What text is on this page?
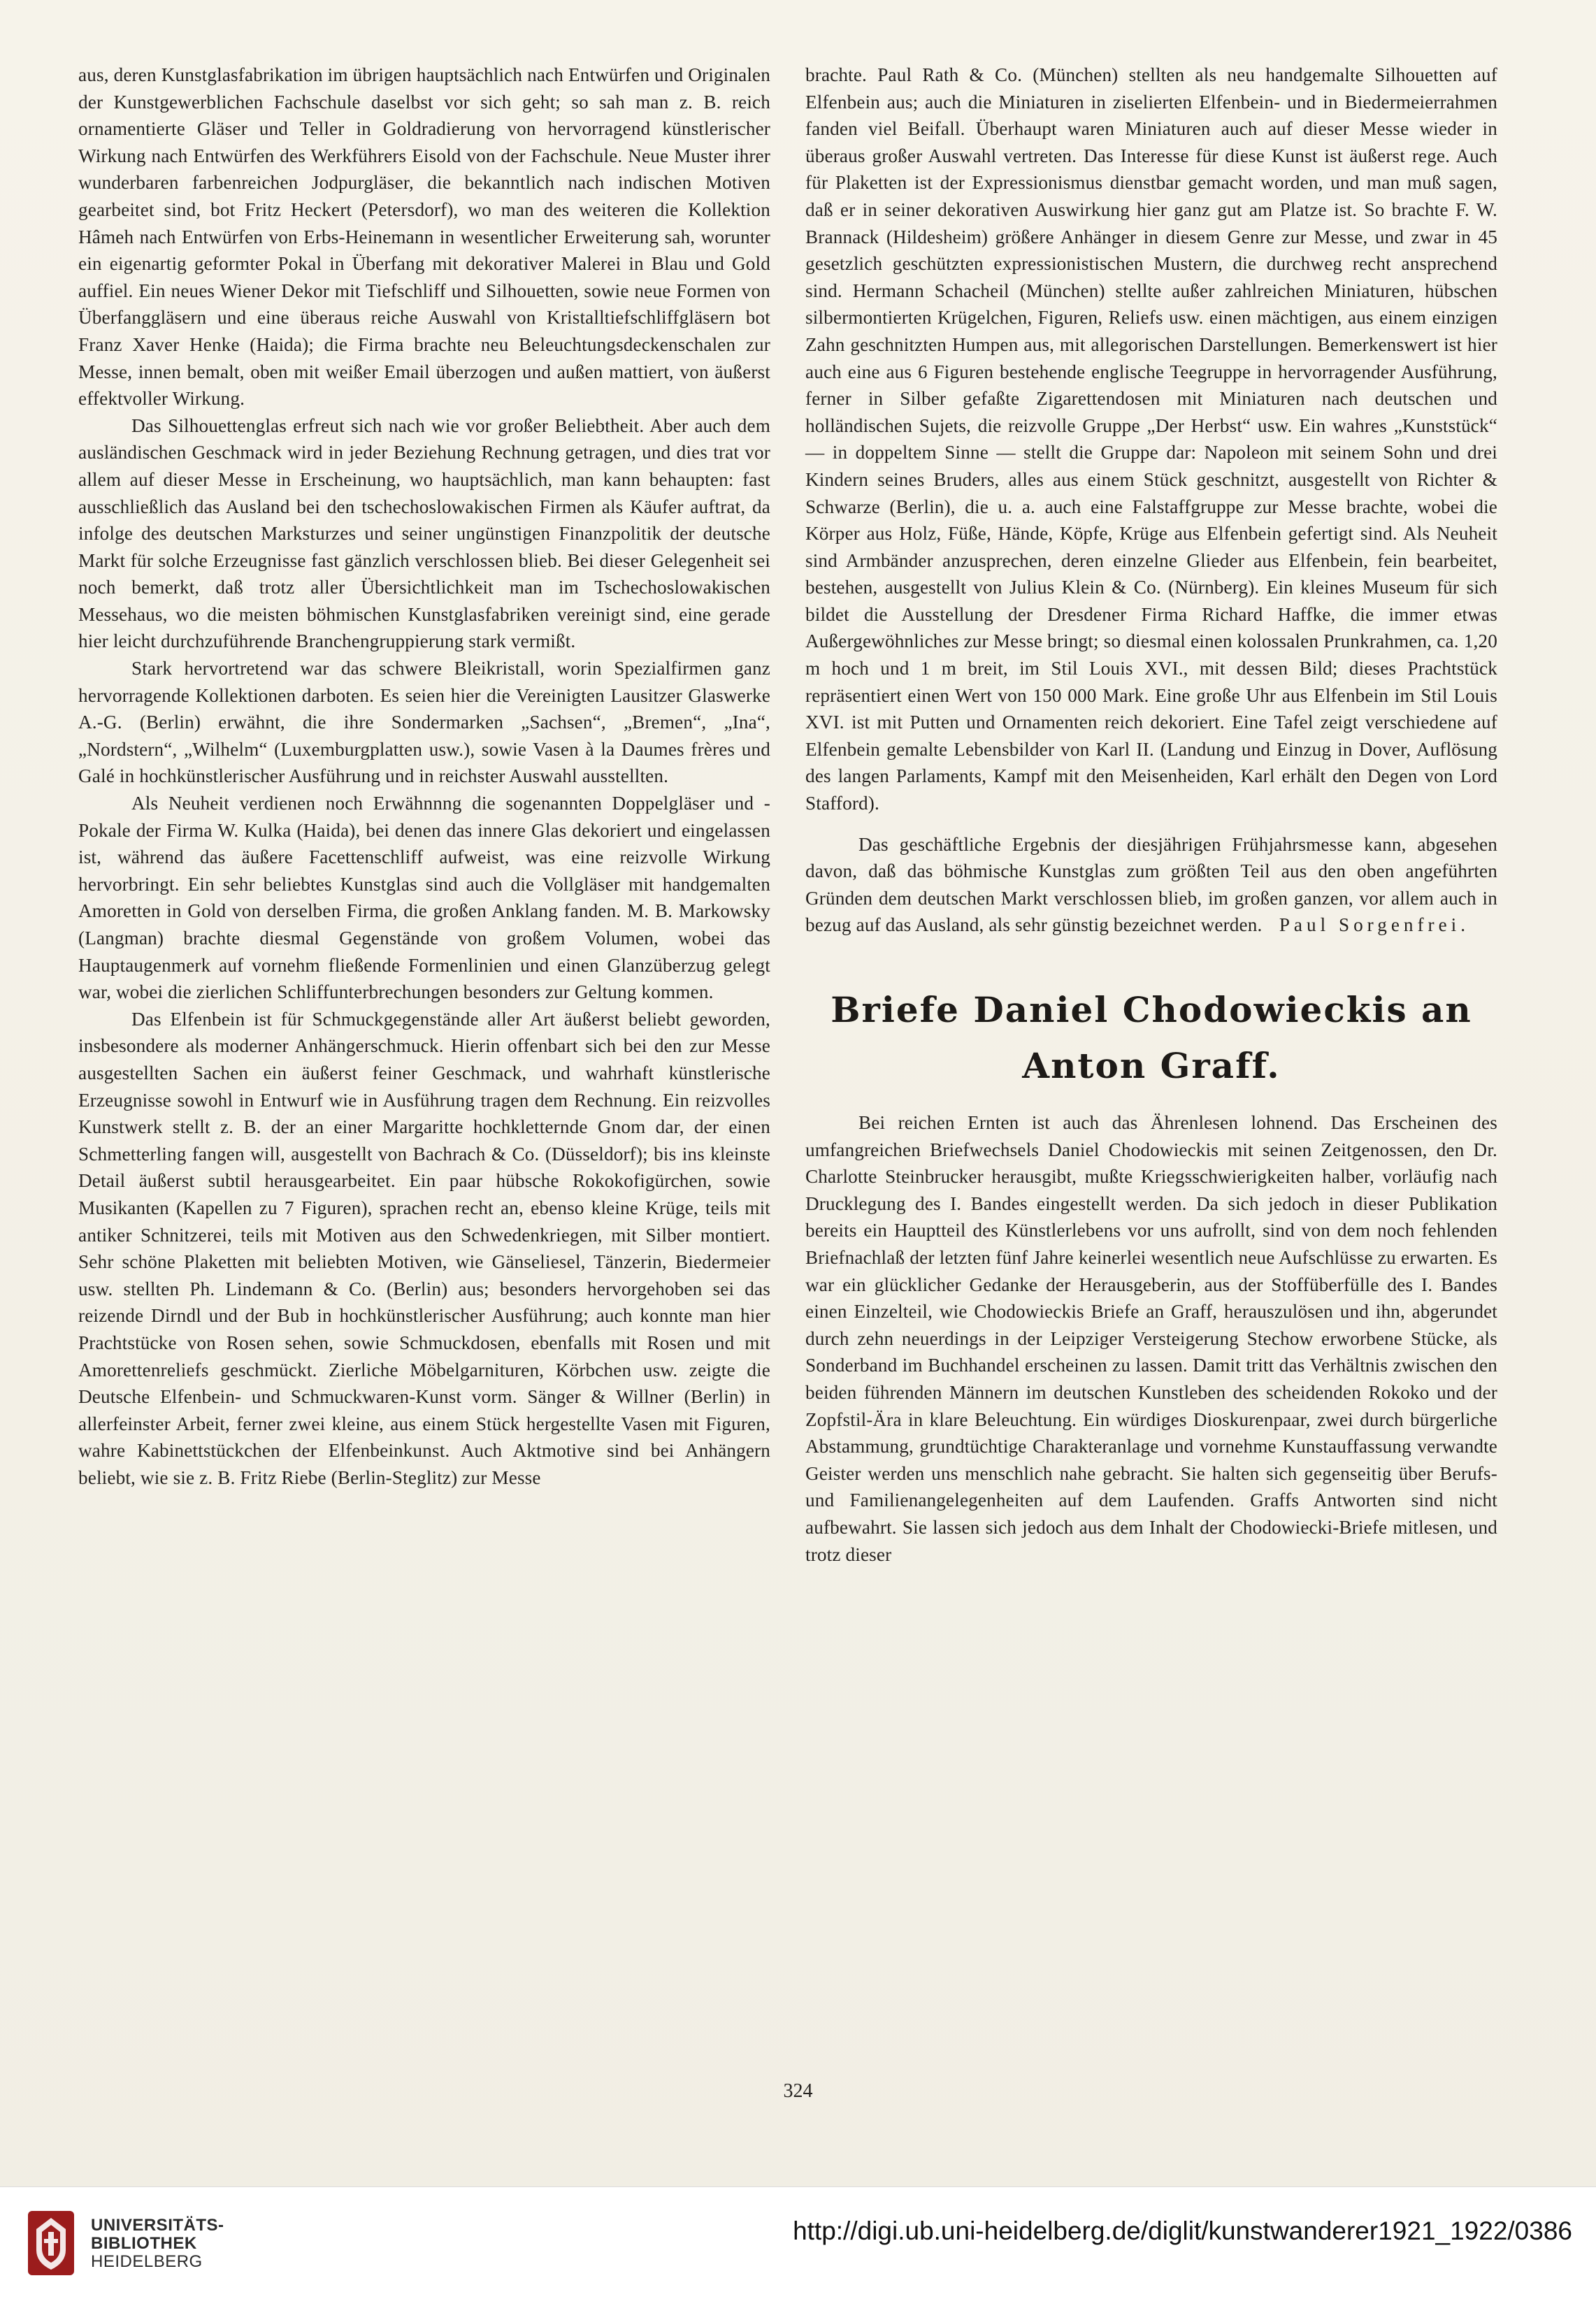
aus, deren Kunstglasfabrikation im übrigen hauptsächlich nach Entwürfen und Originalen der Kunstgewerblichen Fachschule daselbst vor sich geht; so sah man z. B. reich ornamentierte Gläser und Teller in Goldradierung von hervorragend künstlerischer Wirkung nach Entwürfen des Werkführers Eisold von der Fachschule. Neue Muster ihrer wunderbaren farbenreichen Jodpurgläser, die bekanntlich nach indischen Motiven gearbeitet sind, bot Fritz Heckert (Petersdorf), wo man des weiteren die Kollektion Hâmeh nach Entwürfen von Erbs-Heinemann in wesentlicher Erweiterung sah, worunter ein eigenartig geformter Pokal in Überfang mit dekorativer Malerei in Blau und Gold auffiel. Ein neues Wiener Dekor mit Tiefschliff und Silhouetten, sowie neue Formen von Überfanggläsern und eine überaus reiche Auswahl von Kristalltiefschliffgläsern bot Franz Xaver Henke (Haida); die Firma brachte neu Beleuchtungsdeckenschalen zur Messe, innen bemalt, oben mit weißer Email überzogen und außen mattiert, von äußerst effektvoller Wirkung.

Das Silhouettenglas erfreut sich nach wie vor großer Beliebtheit. Aber auch dem ausländischen Geschmack wird in jeder Beziehung Rechnung getragen, und dies trat vor allem auf dieser Messe in Erscheinung, wo hauptsächlich, man kann behaupten: fast ausschließlich das Ausland bei den tschechoslowakischen Firmen als Käufer auftrat, da infolge des deutschen Marksturzes und seiner ungünstigen Finanzpolitik der deutsche Markt für solche Erzeugnisse fast gänzlich verschlossen blieb. Bei dieser Gelegenheit sei noch bemerkt, daß trotz aller Übersichtlichkeit man im Tschechoslowakischen Messehaus, wo die meisten böhmischen Kunstglasfabriken vereinigt sind, eine gerade hier leicht durchzuführende Branchengruppierung stark vermißt.

Stark hervortretend war das schwere Bleikristall, worin Spezialfirmen ganz hervorragende Kollektionen darboten. Es seien hier die Vereinigten Lausitzer Glaswerke A.-G. (Berlin) erwähnt, die ihre Sondermarken „Sachsen“, „Bremen“, „Ina“, „Nordstern“, „Wilhelm“ (Luxemburgplatten usw.), sowie Vasen à la Daumes frères und Galé in hochkünstlerischer Ausführung und in reichster Auswahl ausstellten.

Als Neuheit verdienen noch Erwähnnng die sogenannten Doppelgläser und -Pokale der Firma W. Kulka (Haida), bei denen das innere Glas dekoriert und eingelassen ist, während das äußere Facettenschliff aufweist, was eine reizvolle Wirkung hervorbringt. Ein sehr beliebtes Kunstglas sind auch die Vollgläser mit handgemalten Amoretten in Gold von derselben Firma, die großen Anklang fanden. M. B. Markowsky (Langman) brachte diesmal Gegenstände von großem Volumen, wobei das Hauptaugenmerk auf vornehm fließende Formenlinien und einen Glanzüberzug gelegt war, wobei die zierlichen Schliffunterbrechungen besonders zur Geltung kommen.

Das Elfenbein ist für Schmuckgegenstände aller Art äußerst beliebt geworden, insbesondere als moderner Anhängerschmuck. Hierin offenbart sich bei den zur Messe ausgestellten Sachen ein äußerst feiner Geschmack, und wahrhaft künstlerische Erzeugnisse sowohl in Entwurf wie in Ausführung tragen dem Rechnung. Ein reizvolles Kunstwerk stellt z. B. der an einer Margaritte hochkletternde Gnom dar, der einen Schmetterling fangen will, ausgestellt von Bachrach & Co. (Düsseldorf); bis ins kleinste Detail äußerst subtil herausgearbeitet. Ein paar hübsche Rokokofigürchen, sowie Musikanten (Kapellen zu 7 Figuren), sprachen recht an, ebenso kleine Krüge, teils mit antiker Schnitzerei, teils mit Motiven aus den Schwedenkriegen, mit Silber montiert. Sehr schöne Plaketten mit beliebten Motiven, wie Gänseliesel, Tänzerin, Biedermeier usw. stellten Ph. Lindemann & Co. (Berlin) aus; besonders hervorgehoben sei das reizende Dirndl und der Bub in hochkünstlerischer Ausführung; auch konnte man hier Prachtstücke von Rosen sehen, sowie Schmuckdosen, ebenfalls mit Rosen und mit Amorettenreliefs geschmückt. Zierliche Möbelgarnituren, Körbchen usw. zeigte die Deutsche Elfenbein- und Schmuckwaren-Kunst vorm. Sänger & Willner (Berlin) in allerfeinster Arbeit, ferner zwei kleine, aus einem Stück hergestellte Vasen mit Figuren, wahre Kabinettstückchen der Elfenbeinkunst. Auch Aktmotive sind bei Anhängern beliebt, wie sie z. B. Fritz Riebe (Berlin-Steglitz) zur Messe

brachte. Paul Rath & Co. (München) stellten als neu handgemalte Silhouetten auf Elfenbein aus; auch die Miniaturen in ziselierten Elfenbein- und in Biedermeierrahmen fanden viel Beifall. Überhaupt waren Miniaturen auch auf dieser Messe wieder in überaus großer Auswahl vertreten. Das Interesse für diese Kunst ist äußerst rege. Auch für Plaketten ist der Expressionismus dienstbar gemacht worden, und man muß sagen, daß er in seiner dekorativen Auswirkung hier ganz gut am Platze ist. So brachte F. W. Brannack (Hildesheim) größere Anhänger in diesem Genre zur Messe, und zwar in 45 gesetzlich geschützten expressionistischen Mustern, die durchweg recht ansprechend sind. Hermann Schacheil (München) stellte außer zahlreichen Miniaturen, hübschen silbermontierten Krügelchen, Figuren, Reliefs usw. einen mächtigen, aus einem einzigen Zahn geschnitzten Humpen aus, mit allegorischen Darstellungen. Bemerkenswert ist hier auch eine aus 6 Figuren bestehende englische Teegruppe in hervorragender Ausführung, ferner in Silber gefaßte Zigarettendosen mit Miniaturen nach deutschen und holländischen Sujets, die reizvolle Gruppe „Der Herbst“ usw. Ein wahres „Kunststück“ — in doppeltem Sinne — stellt die Gruppe dar: Napoleon mit seinem Sohn und drei Kindern seines Bruders, alles aus einem Stück geschnitzt, ausgestellt von Richter & Schwarze (Berlin), die u. a. auch eine Falstaffgruppe zur Messe brachte, wobei die Körper aus Holz, Füße, Hände, Köpfe, Krüge aus Elfenbein gefertigt sind. Als Neuheit sind Armbänder anzusprechen, deren einzelne Glieder aus Elfenbein, fein bearbeitet, bestehen, ausgestellt von Julius Klein & Co. (Nürnberg). Ein kleines Museum für sich bildet die Ausstellung der Dresdener Firma Richard Haffke, die immer etwas Außergewöhnliches zur Messe bringt; so diesmal einen kolossalen Prunkrahmen, ca. 1,20 m hoch und 1 m breit, im Stil Louis XVI., mit dessen Bild; dieses Prachtstück repräsentiert einen Wert von 150 000 Mark. Eine große Uhr aus Elfenbein im Stil Louis XVI. ist mit Putten und Ornamenten reich dekoriert. Eine Tafel zeigt verschiedene auf Elfenbein gemalte Lebensbilder von Karl II. (Landung und Einzug in Dover, Auflösung des langen Parlaments, Kampf mit den Meisenheiden, Karl erhält den Degen von Lord Stafford).

Das geschäftliche Ergebnis der diesjährigen Frühjahrsmesse kann, abgesehen davon, daß das böhmische Kunstglas zum größten Teil aus den oben angeführten Gründen dem deutschen Markt verschlossen blieb, im großen ganzen, vor allem auch in bezug auf das Ausland, als sehr günstig bezeichnet werden. Paul Sorgenfrei.

Briefe Daniel Chodowieckis an
Anton Graff.

Bei reichen Ernten ist auch das Ährenlesen lohnend. Das Erscheinen des umfangreichen Briefwechsels Daniel Chodowieckis mit seinen Zeitgenossen, den Dr. Charlotte Steinbrucker herausgibt, mußte Kriegsschwierigkeiten halber, vorläufig nach Drucklegung des I. Bandes eingestellt werden. Da sich jedoch in dieser Publikation bereits ein Hauptteil des Künstlerlebens vor uns aufrollt, sind von dem noch fehlenden Briefnachlaß der letzten fünf Jahre keinerlei wesentlich neue Aufschlüsse zu erwarten. Es war ein glücklicher Gedanke der Herausgeberin, aus der Stoffüberfülle des I. Bandes einen Einzelteil, wie Chodowieckis Briefe an Graff, herauszulösen und ihn, abgerundet durch zehn neuerdings in der Leipziger Versteigerung Stechow erworbene Stücke, als Sonderband im Buchhandel erscheinen zu lassen. Damit tritt das Verhältnis zwischen den beiden führenden Männern im deutschen Kunstleben des scheidenden Rokoko und der Zopfstil-Ära in klare Beleuchtung. Ein würdiges Dioskurenpaar, zwei durch bürgerliche Abstammung, grundtüchtige Charakteranlage und vornehme Kunstauffassung verwandte Geister werden uns menschlich nahe gebracht. Sie halten sich gegenseitig über Berufs- und Familienangelegenheiten auf dem Laufenden. Graffs Antworten sind nicht aufbewahrt. Sie lassen sich jedoch aus dem Inhalt der Chodowiecki-Briefe mitlesen, und trotz dieser

324
UNIVERSITÄTS-
BIBLIOTHEK
HEIDELBERG
http://digi.ub.uni-heidelberg.de/diglit/kunstwanderer1921_1922/0386
